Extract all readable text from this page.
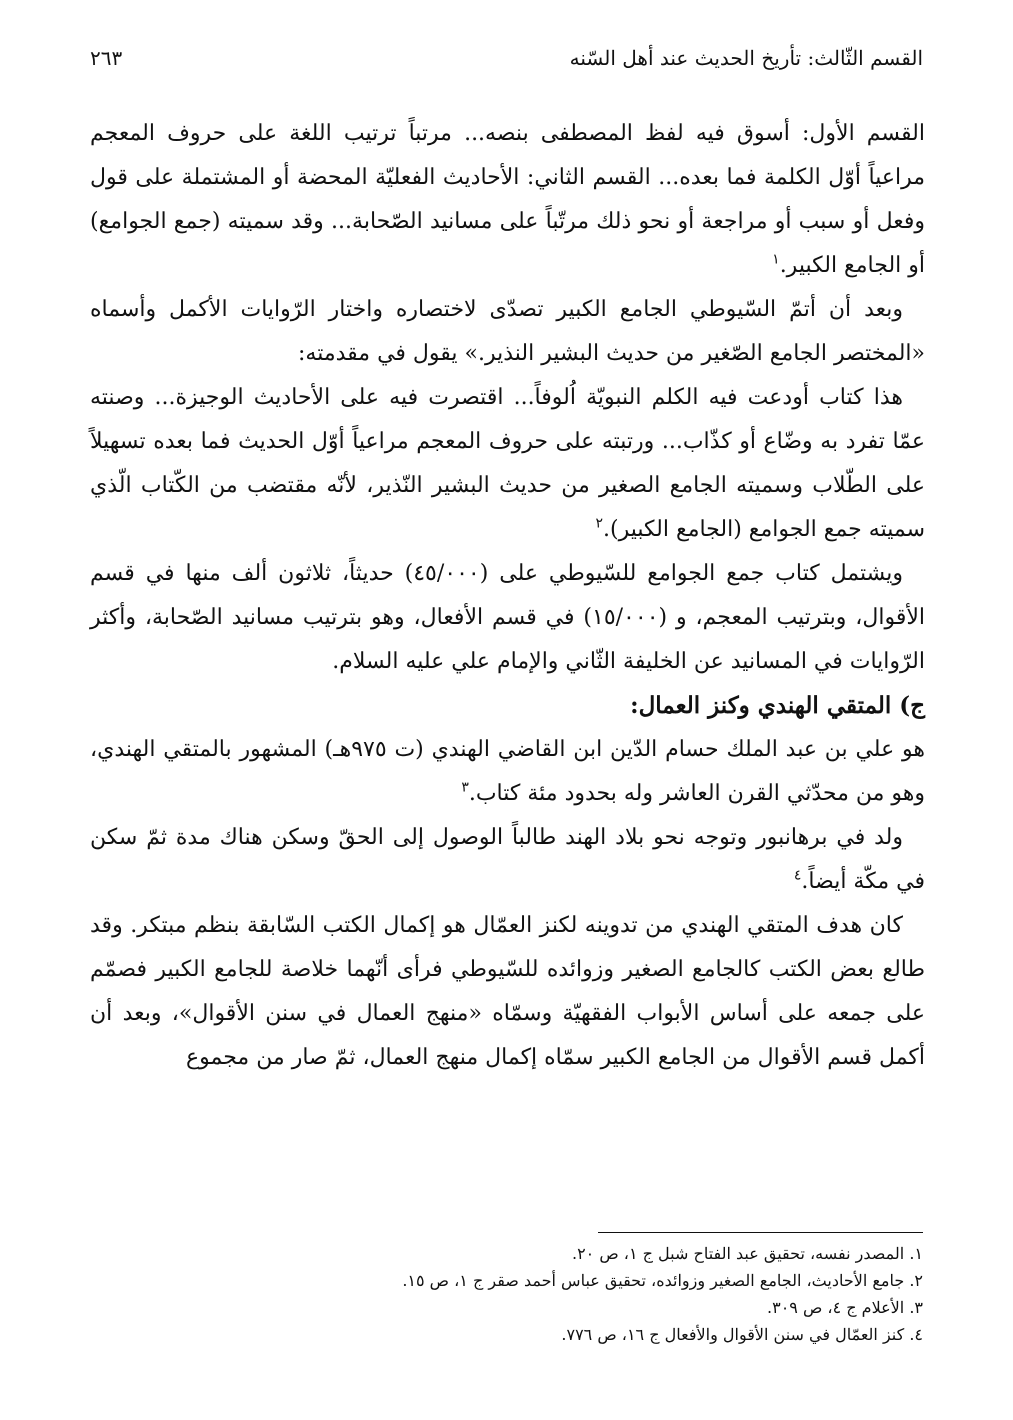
القسم الثّالث: تأريخ الحديث عند أهل السّنه
٢٦٣

القسم الأول: أسوق فيه لفظ المصطفى بنصه... مرتباً ترتيب اللغة على حروف المعجم مراعياً أوّل الكلمة فما بعده... القسم الثاني: الأحاديث الفعليّة المحضة أو المشتملة على قول وفعل أو سبب أو مراجعة أو نحو ذلك مرتّباً على مسانيد الصّحابة... وقد سميته (جمع الجوامع) أو الجامع الكبير.$^١$

وبعد أن أتمّ السّيوطي الجامع الكبير تصدّى لاختصاره واختار الرّوايات الأكمل وأسماه «المختصر الجامع الصّغير من حديث البشير النذير.» يقول في مقدمته:

هذا كتاب أودعت فيه الكلم النبويّة اُلوفاً... اقتصرت فيه على الأحاديث الوجيزة... وصنته عمّا تفرد به وضّاع أو كذّاب... ورتبته على حروف المعجم مراعياً أوّل الحديث فما بعده تسهيلاً على الطّلاب وسميته الجامع الصغير من حديث البشير النّذير، لأنّه مقتضب من الكّتاب الّذي سميته جمع الجوامع (الجامع الكبير).$^٢$

ويشتمل كتاب جمع الجوامع للسّيوطي على (٤٥/٠٠٠) حديثاً، ثلاثون ألف منها في قسم الأقوال، وبترتيب المعجم، و (١٥/٠٠٠) في قسم الأفعال، وهو بترتيب مسانيد الصّحابة، وأكثر الرّوايات في المسانيد عن الخليفة الثّاني والإمام علي عليه السلام.

ج) المتقي الهندي وكنز العمال:

هو علي بن عبد الملك حسام الدّين ابن القاضي الهندي (ت ٩٧٥هـ) المشهور بالمتقي الهندي، وهو من محدّثي القرن العاشر وله بحدود مئة كتاب.$^٣$

ولد في برهانبور وتوجه نحو بلاد الهند طالباً الوصول إلى الحقّ وسكن هناك مدة ثمّ سكن في مكّة أيضاً.$^٤$

كان هدف المتقي الهندي من تدوينه لكنز العمّال هو إكمال الكتب السّابقة بنظم مبتكر. وقد طالع بعض الكتب كالجامع الصغير وزوائده للسّيوطي فرأى أنّهما خلاصة للجامع الكبير فصمّم على جمعه على أساس الأبواب الفقهيّة وسمّاه «منهج العمال في سنن الأقوال»، وبعد أن أكمل قسم الأقوال من الجامع الكبير سمّاه إكمال منهج العمال، ثمّ صار من مجموع

١. المصدر نفسه، تحقيق عبد الفتاح شبل ج ١، ص ٢٠.
٢. جامع الأحاديث، الجامع الصغير وزوائده، تحقيق عباس أحمد صقر ج ١، ص ١٥.
٣. الأعلام ج ٤، ص ٣٠٩.
٤. كنز العمّال في سنن الأقوال والأفعال ج ١٦، ص ٧٧٦.
